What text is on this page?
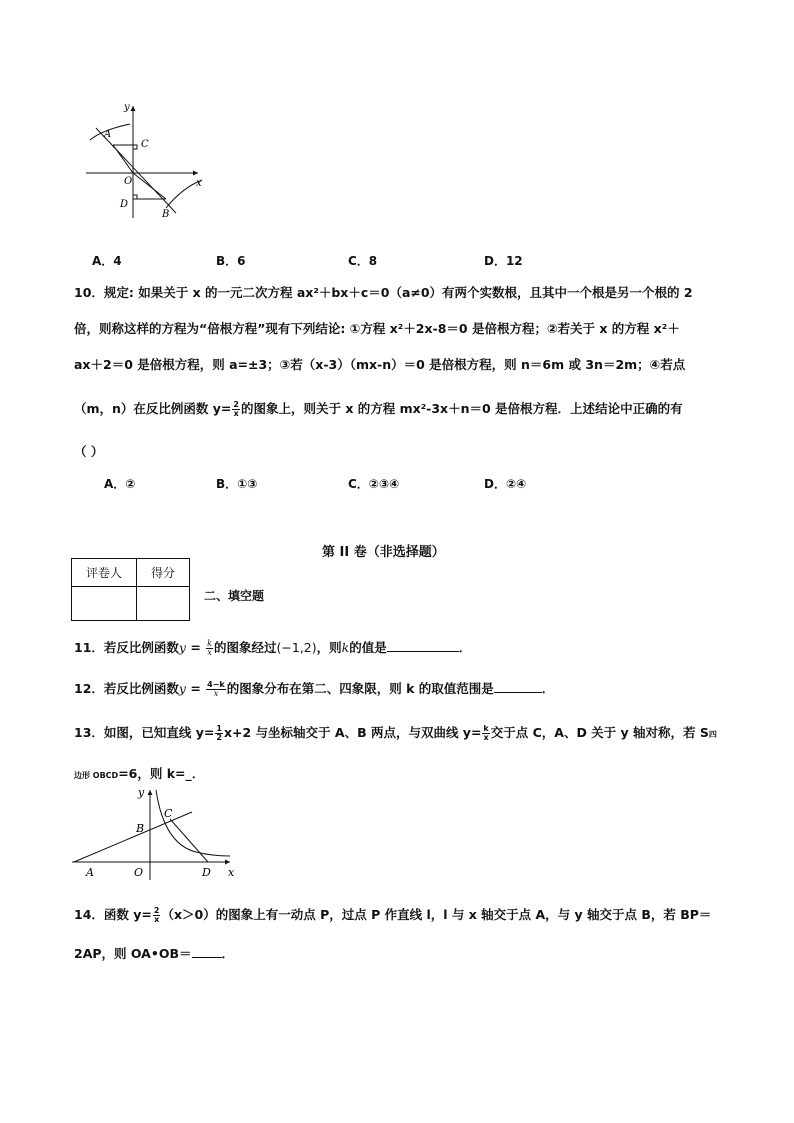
y
x
A
C
O
D
B
A．4	B．6	C．8	D．12
10．规定: 如果关于 x 的一元二次方程 ax²＋bx＋c＝0（a≠0）有两个实数根，且其中一个根是另一个根的 2
倍，则称这样的方程为“倍根方程”现有下列结论: ①方程 x²＋2x-8＝0 是倍根方程；②若关于 x 的方程 x²＋
ax＋2＝0 是倍根方程，则 a=±3；③若（x-3）（mx-n）＝0 是倍根方程，则 n＝6m 或 3n＝2m；④若点
（m，n）在反比例函数 $y= \frac{2}{x}$ 的图象上，则关于 x 的方程 mx²-3x＋n＝0 是倍根方程．上述结论中正确的有
（ ）
A．②	B．①③	C．②③④	D．②④
第 II 卷（非选择题）
评卷人	得分

二、填空题
11．若反比例函数$y = \frac{k}{x}$ 的图象经过(−1,2)，则k的值是	．
12．若反比例函数$y = \frac{4-k}{x}$ 的图象分布在第二、四象限，则 k 的取值范围是	．
13．如图，已知直线 $y= \frac{1}{2} x+2$ 与坐标轴交于 A、B 两点，与双曲线 $y= \frac{k}{x}$ 交于点 C，A、D 关于 y 轴对称，若 S四
边形 OBCD=6，则 k=_．
y
x
A
B
C
O	D
14．函数 $y= \frac{2}{x} (x>0)$的图象上有一动点 P，过点 P 作直线 l，l 与 x 轴交于点 A，与 y 轴交于点 B，若 BP＝
2AP，则 OA•OB＝ ．
